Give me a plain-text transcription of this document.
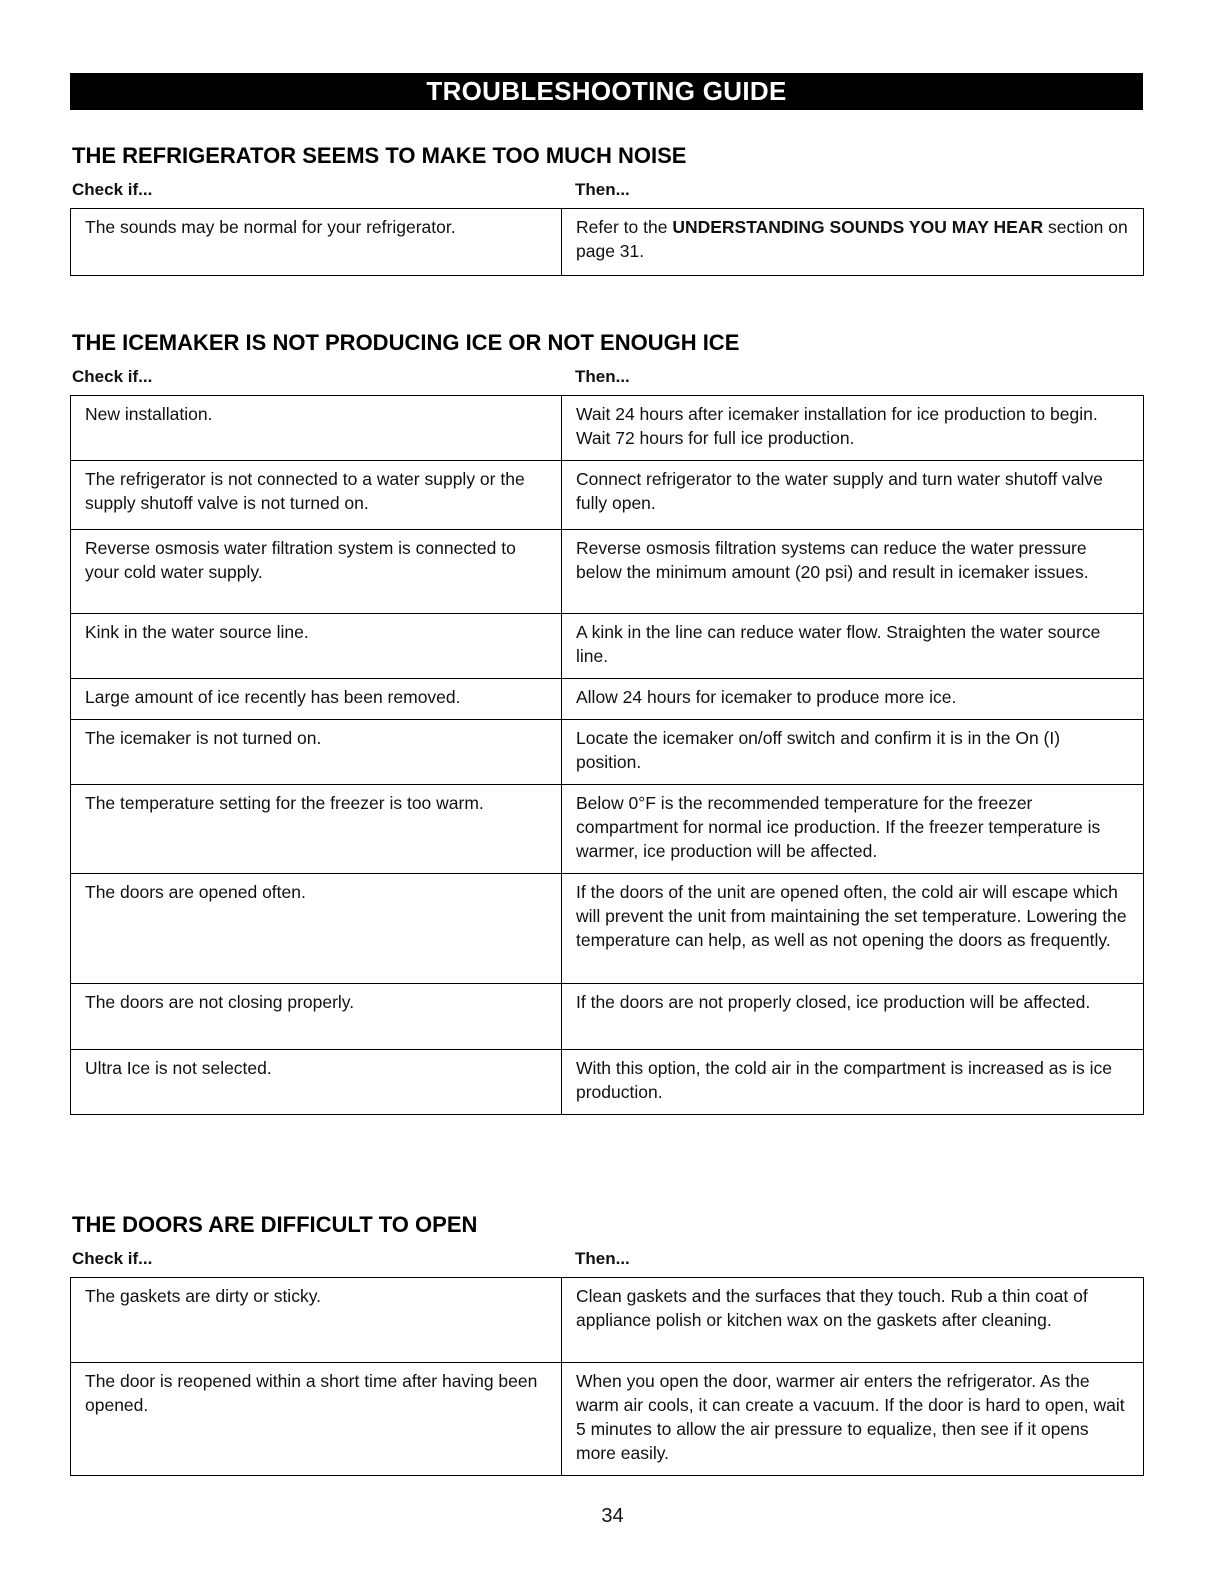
TROUBLESHOOTING GUIDE
THE REFRIGERATOR SEEMS TO MAKE TOO MUCH NOISE
Check if...	Then...
The sounds may be normal for your refrigerator.	Refer to the UNDERSTANDING SOUNDS YOU MAY HEAR section on page 31.
THE ICEMAKER IS NOT PRODUCING ICE OR NOT ENOUGH ICE
Check if...	Then...
New installation.	Wait 24 hours after icemaker installation for ice production to begin. Wait 72 hours for full ice production.
The refrigerator is not connected to a water supply or the supply shutoff valve is not turned on.	Connect refrigerator to the water supply and turn water shutoff valve fully open.
Reverse osmosis water filtration system is connected to your cold water supply.	Reverse osmosis filtration systems can reduce the water pressure below the minimum amount (20 psi) and result in icemaker issues.
Kink in the water source line.	A kink in the line can reduce water flow. Straighten the water source line.
Large amount of ice recently has been removed.	Allow 24 hours for icemaker to produce more ice.
The icemaker is not turned on.	Locate the icemaker on/off switch and confirm it is in the On (I) position.
The temperature setting for the freezer is too warm.	Below 0°F is the recommended temperature for the freezer compartment for normal ice production. If the freezer temperature is warmer, ice production will be affected.
The doors are opened often.	If the doors of the unit are opened often, the cold air will escape which will prevent the unit from maintaining the set temperature. Lowering the temperature can help, as well as not opening the doors as frequently.
The doors are not closing properly.	If the doors are not properly closed, ice production will be affected.
Ultra Ice is not selected.	With this option, the cold air in the compartment is increased as is ice production.
THE DOORS ARE DIFFICULT TO OPEN
Check if...	Then...
The gaskets are dirty or sticky.	Clean gaskets and the surfaces that they touch. Rub a thin coat of appliance polish or kitchen wax on the gaskets after cleaning.
The door is reopened within a short time after having been opened.	When you open the door, warmer air enters the refrigerator. As the warm air cools, it can create a vacuum. If the door is hard to open, wait 5 minutes to allow the air pressure to equalize, then see if it opens more easily.
34
